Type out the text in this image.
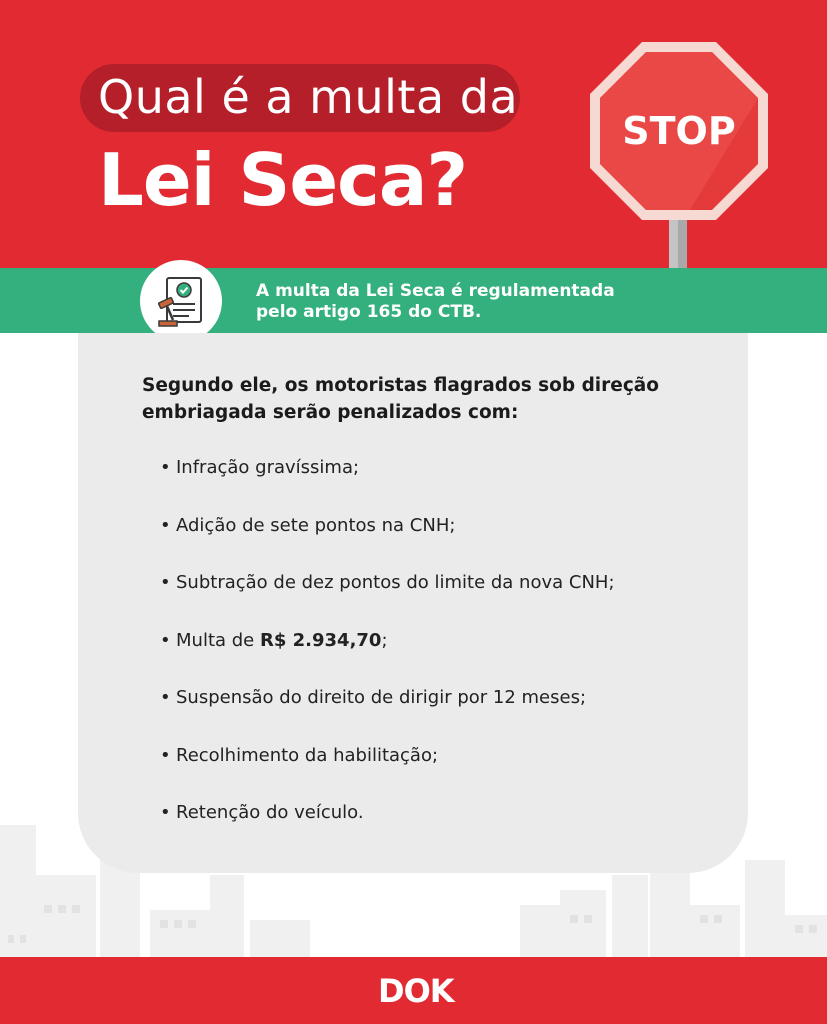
Qual é a multa da
Lei Seca?
STOP
A multa da Lei Seca é regulamentada
pelo artigo 165 do CTB.
Segundo ele, os motoristas flagrados sob direção
embriagada serão penalizados com:
• Infração gravíssima;
• Adição de sete pontos na CNH;
• Subtração de dez pontos do limite da nova CNH;
• Multa de R$ 2.934,70;
• Suspensão do direito de dirigir por 12 meses;
• Recolhimento da habilitação;
• Retenção do veículo.
DOK
